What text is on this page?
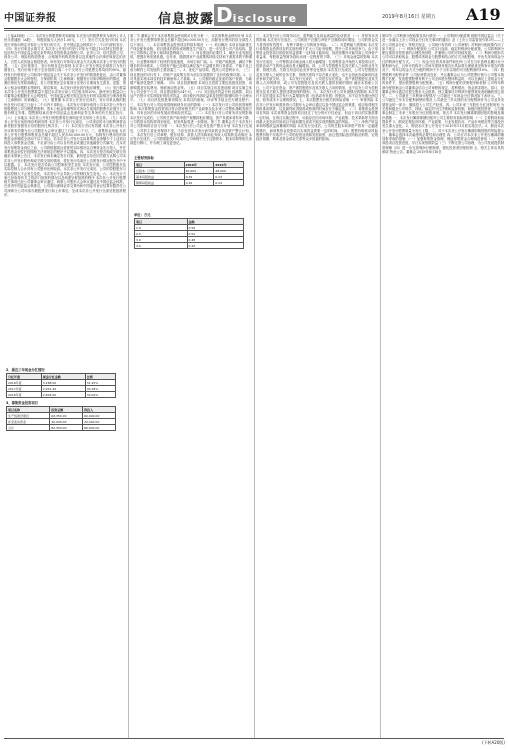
中国证券报	信息披露 Disclosure	2019年8月16日 星期五 A19
（上接A18版）（二）本次发行的股票种类和面值 本次发行的股票种类为境内上市人民币普通股（A股），每股面值为人民币1.00元。（三）发行方式及发行时间 本次发行采取向特定对象非公开发行的方式，在中国证监会核准后十二个月内择机发行。（四）发行对象及认购方式 本次非公开发行的发行对象为不超过10名特定投资者，包括符合中国证监会规定条件的证券投资基金管理公司、证券公司、信托投资公司、财务公司、保险机构投资者、合格境外机构投资者以及其他符合法律法规规定的法人、自然人或其他合格投资者。所有发行对象均以现金方式认购本次非公开发行的股票。（五）定价基准日、发行价格及定价原则 本次非公开发行的定价基准日为发行期首日。发行价格不低于定价基准日前二十个交易日公司股票交易均价的90%。最终发行价格将在公司取得中国证监会关于本次非公开发行的核准批复后，由公司董事会根据股东大会的授权，与保荐机构（主承销商）根据发行对象申购报价的情况，遵照价格优先等原则确定。若公司股票在定价基准日至发行日期间发生派息、送股、资本公积金转增股本等除权、除息事项，本次发行底价将作相应调整。（六）发行数量 本次非公开发行股票数量不超过本次发行前公司总股本的20%，最终发行数量由公司董事会根据股东大会的授权、中国证监会相关规定及发行时的实际情况与保荐机构（主承销商）协商确定。（七）限售期 本次非公开发行完成后，发行对象认购的股份自发行结束之日起十二个月内不得转让。本次发行对象所取得公司本次非公开发行的股票因公司分配股票股利、资本公积金转增等形式所衍生取得的股票亦应遵守上述股份锁定安排。限售期结束后按中国证监会及深圳证券交易所的有关规定执行。（八）上市地点 本次非公开发行的股票将在深圳证券交易所上市交易。（九）本次非公开发行前的滚存利润安排 本次非公开发行完成后，公司滚存的未分配利润将由新老股东按照发行后的股份比例共享。（十）本次发行决议有效期 本次非公开发行决议的有效期为自公司股东大会审议通过之日起十二个月。三、募集资金用途 本次非公开发行股票募集资金总额不超过人民币80,000.00万元，扣除发行费用后的募集资金净额将全部用于以下项目。若本次非公开发行实际募集资金净额少于上述项目拟投入募集资金总额，不足部分由公司以自有资金或通过其他融资方式解决。在本次发行募集资金到位之前，公司将根据项目进度的实际情况以自筹资金先行投入，并在募集资金到位后按照相关法规规定的程序予以置换。四、本次发行是否构成关联交易 截至本预案公告日，本次发行尚未确定发行对象，最终是否存在因关联方认购公司本次非公开发行股份构成关联交易的情形，将在发行结束后公告的发行情况报告书中予以披露。五、本次发行是否导致公司控制权发生变化 本次发行前，公司控股股东及实际控制人合计持有公司股份比例较高。本次非公开发行完成后，公司的控股股东与实际控制人不会发生变化，本次发行不会导致公司控制权发生变化。六、本次发行方案已经取得有关主管部门批准的情况以及尚需呈报批准的程序 本次非公开发行股票相关事项已经公司董事会审议通过，尚需公司股东大会审议通过及中国证监会核准。在获得中国证监会核准后，公司将向深圳证券交易所和中国证券登记结算有限责任公司深圳分公司申请办理股票发行和上市事宜，完成本次非公开发行全部呈报批准程序。
第二节 董事会关于本次募集资金使用的可行性分析 一、本次募集资金使用计划 本次非公开发行股票募集资金总额不超过80,000.00万元，扣除发行费用后拟全部投入以下项目。二、本次募集资金投资项目的基本情况 （一）项目概况 本项目拟新建生产线及配套设施，项目建成后将形成规模化生产能力，进一步完善公司产品结构，提升公司的核心竞争力和持续盈利能力。（二）项目建设的必要性 1、顺应行业发展趋势，把握市场发展机遇。近年来，随着国家产业政策的持续支持和下游需求的不断增长，行业整体保持了较快的发展速度，市场空间广阔。2、突破产能瓶颈，满足不断增长的市场需求。公司现有产能已经难以满足客户日益增长的订单需求，产能不足已成为制约公司发展的主要因素之一。3、优化产品结构，提高公司盈利水平。（三）项目建设的可行性 1、国家产业政策支持为项目实施提供了良好的政策环境。2、公司具备实施本项目的技术储备和人才基础。3、公司拥有稳定优质的客户资源，为新增产能消化提供了保障。（四）项目投资概算 本项目总投资主要包括建设投资、设备购置及安装费用、铺底流动资金等。（五）项目实施主体及建设期 项目实施主体为公司全资子公司，项目建设期为24个月。（六）项目经济效益分析 经测算，项目达产后预计可实现较好的经济效益，项目税后内部收益率及投资回收期均处于合理水平。（七）项目涉及报批事项情况 本项目的备案、环评等手续正在办理过程中。三、本次发行对公司经营管理和财务状况的影响 （一）本次发行对公司经营管理的影响 本次募集资金投资项目符合国家相关的产业政策以及未来公司整体战略发展方向，具有良好的市场发展前景和经济效益。（二）本次发行对公司财务状况的影响 本次发行完成后，公司的总资产和净资产规模将相应增加，资产负债率将有所下降，公司的资本结构将得到优化，财务风险将进一步降低。第三节 董事会关于本次发行对公司影响的讨论与分析 一、本次发行后公司业务及资产整合计划 本次发行完成后，公司的主营业务保持不变，不存在因本次发行而导致的业务及资产整合计划。二、本次发行后公司章程、股东结构、高管人员结构和业务收入结构的变动情况 本次发行完成后，公司将根据发行结果对公司章程中关于注册资本、股本结构等相关条款进行修订，并办理工商变更登记。
三、本次发行后公司财务状况、盈利能力及现金流量的变动情况 （一）对财务状况的影响 本次发行完成后，公司的资产总额与净资产总额将同时增加，公司的资金实力将得到有效提升，有利于降低公司的财务风险。（二）对盈利能力的影响 本次发行募集资金投资项目的实施有利于扩大公司业务规模，提升公司市场竞争力。由于募集资金投资项目的经营效益需要一定时间才能体现，因此短期内可能导致公司净资产收益率、每股收益等财务指标出现一定程度的下降。（三）对现金流量的影响 本次发行完成后，公司筹资活动现金流入将大幅增加；在募集资金开始投入募投项目后，投资活动产生的现金流出将大幅增加。四、公司与控股股东及其关联人之间的业务关系、管理关系、关联交易及同业竞争等变化情况 本次发行完成后，公司与控股股东及其关联人之间的业务关系、管理关系均不存在重大变化，也不会因此形成新的同业竞争和关联交易。五、本次发行完成后，公司是否存在资金、资产被控股股东及其关联人占用的情形，或公司为控股股东及其关联人提供担保的情形 截至本预案公告日，公司不存在资金、资产被控股股东及其关联人占用的情形，也不存在公司为控股股东及其关联人提供违规担保的情形。六、本次发行对公司负债情况的影响 本次发行不存在通过本次发行大量增加负债（包括或有负债）的情况，亦不存在负债比例过低、财务成本不合理的情况。七、本次股票发行相关的风险说明 （一）审批风险 本次非公开发行尚需获得公司股东大会审议通过以及中国证监会的核准，能否取得相关的批准或核准，以及最终取得批准或核准的时间存在不确定性。（二）募集资金投资项目风险 本次募集资金投资项目经过了充分的可行性论证，但由于项目的实施需要一定时间，在项目实施过程中，可能存在因市场环境、产业政策、技术革新等方面出现重大变化而导致项目不能如期完成或不能实现预期收益的风险。（三）净资产收益率和每股收益被摊薄的风险 本次发行完成后，公司的总股本和净资产将有一定幅度的增长，而募集资金投资项目实现效益需要一定的时间。（四）股票价格波动风险 股票价格不仅取决于公司的经营业绩和发展前景，而且受国际及国内政治形势、宏观经济周期、利率及资金供求关系等众多因素的影响。
第四节 公司利润分配政策及执行情况 一、公司利润分配政策 根据中国证监会《关于进一步落实上市公司现金分红有关事项的通知》及《上市公司监管指引第3号——上市公司现金分红》等相关规定，公司现行有效的《公司章程》对利润分配政策作出了如下规定：（一）利润分配原则 公司实行连续、稳定的利润分配政策，公司的利润分配应重视对投资者的合理投资回报，并兼顾公司的可持续发展。（二）利润分配形式 公司可以采取现金、股票或者现金与股票相结合的方式分配股利，并优先采用现金分红的利润分配方式。（三）现金分红的具体条件和比例 公司在当年盈利且累计未分配利润为正，且审计机构对公司该年度财务报告出具标准无保留意见的审计报告的情况下，每年以现金方式分配的利润不少于当年实现的可分配利润的10%。（四）股票股利分配的条件 公司经营情况良好，并且董事会认为公司股票价格与公司股本规模不匹配、发放股票股利有利于公司全体股东整体利益时，可以在满足上述现金分红的条件下，提出股票股利分配预案。（五）利润分配的决策程序和机制 公司每年利润分配预案由公司董事会结合公司章程的规定、盈利情况、资金需求提出、拟订，经董事会审议通过后提交股东大会批准。独立董事应对利润分配预案发表明确的独立意见。二、公司最近三年利润分配情况 公司最近三年现金分红情况如下表所示。三、公司最近三年未分配利润使用情况 公司最近三年实现的未分配利润作为公司业务发展资金的一部分，继续投入公司生产经营。四、公司未来三年股东分红回报规划 为完善和健全公司科学、持续、稳定的分红决策和监督机制，积极回报投资者，公司董事会制定了未来三年股东分红回报规划。第五节 本次发行摊薄即期回报的影响及填补措施 一、本次发行摊薄即期回报对公司主要财务指标的影响 （一）主要假设和前提条件 1、假设宏观经济环境、产业政策、行业发展状况、产品市场情况等方面没有发生重大变化。2、假设本次非公开发行于2019年11月底实施完毕。3、假设本次非公开发行股票数量为发行上限。二、对于本次非公开发行摊薄即期回报的风险提示 三、董事会选择本次融资的必要性和合理性 四、公司应对本次非公开发行摊薄即期回报采取的措施 （一）加强募集资金管理，保证募集资金合理规范使用（二）加快募投项目投资进度，早日实现预期效益（三）不断完善公司治理，为公司发展提供制度保障（四）进一步完善利润分配制度，强化投资者回报机制 五、相关主体出具的承诺 特此公告。董事会 2019年8月16日
2、最近三年现金分红情况
分红年度	现金分红金额	比例
2018年度	3,268.00	31.25%
2017年度	2,951.40	30.18%
2016年度	2,604.00	30.02%
3、募集资金投资项目
项目名称	投资总额	拟投入
生产线建设项目	62,350.00	60,000.00
补充流动资金	20,000.00	20,000.00
合计	82,350.00	80,000.00
主要财务指标
项目	2018年	2019年
总股本（万股）	40,000	48,000
基本每股收益	0.26	0.24
稀释每股收益	0.26	0.24
单位：万元
项目	金额
1.0	0.56
2.0	0.52
3.0	0.48
4.0	0.44
(下转A20版)
